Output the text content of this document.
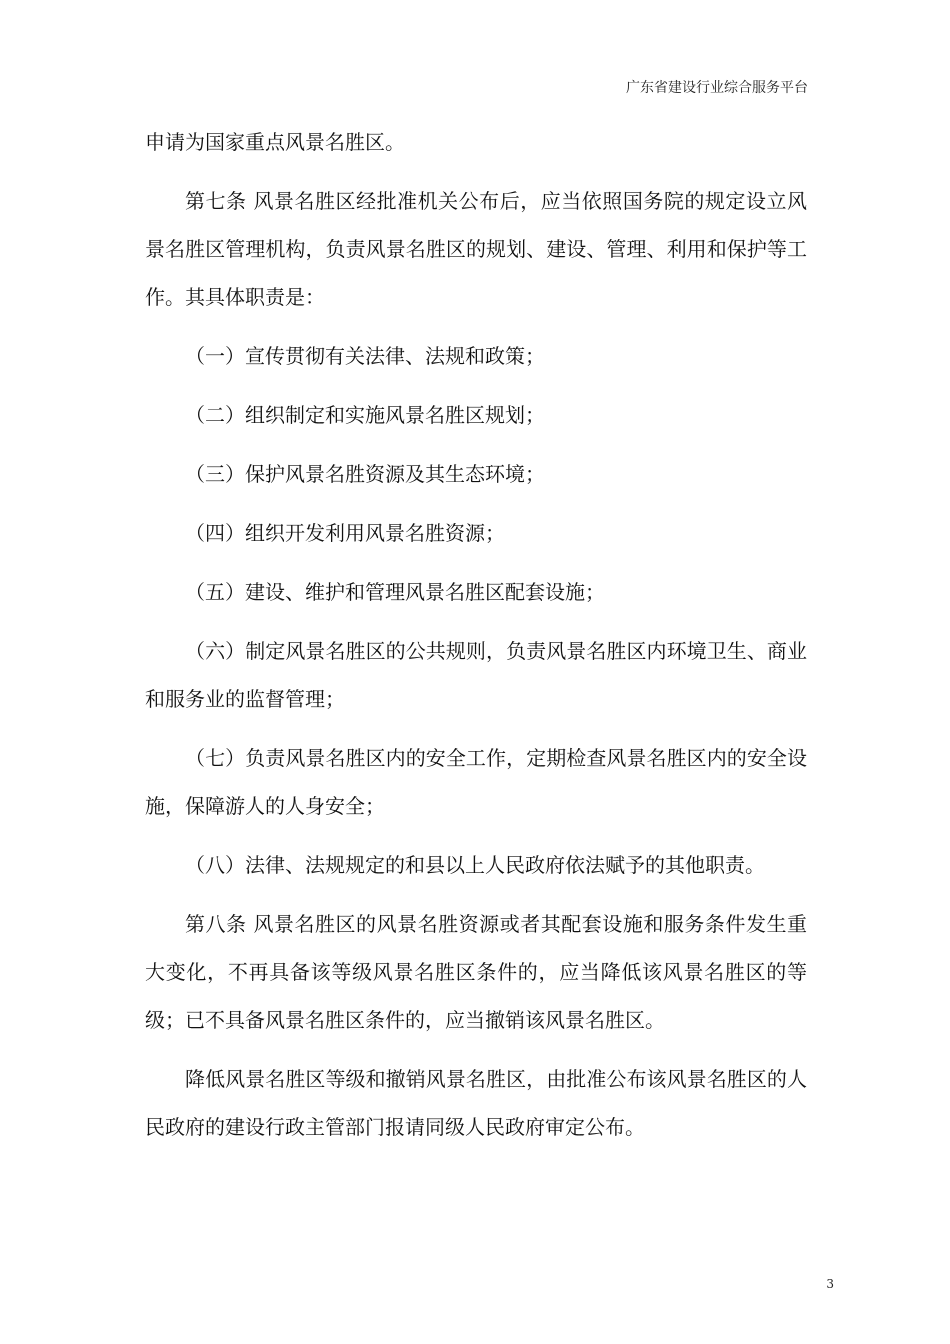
广东省建设行业综合服务平台

申请为国家重点风景名胜区。

第七条 风景名胜区经批准机关公布后，应当依照国务院的规定设立风景名胜区管理机构，负责风景名胜区的规划、建设、管理、利用和保护等工作。其具体职责是：

（一）宣传贯彻有关法律、法规和政策；

（二）组织制定和实施风景名胜区规划；

（三）保护风景名胜资源及其生态环境；

（四）组织开发利用风景名胜资源；

（五）建设、维护和管理风景名胜区配套设施；

（六）制定风景名胜区的公共规则，负责风景名胜区内环境卫生、商业和服务业的监督管理；

（七）负责风景名胜区内的安全工作，定期检查风景名胜区内的安全设施，保障游人的人身安全；

（八）法律、法规规定的和县以上人民政府依法赋予的其他职责。

第八条 风景名胜区的风景名胜资源或者其配套设施和服务条件发生重大变化，不再具备该等级风景名胜区条件的，应当降低该风景名胜区的等级；已不具备风景名胜区条件的，应当撤销该风景名胜区。

降低风景名胜区等级和撤销风景名胜区，由批准公布该风景名胜区的人民政府的建设行政主管部门报请同级人民政府审定公布。

3
